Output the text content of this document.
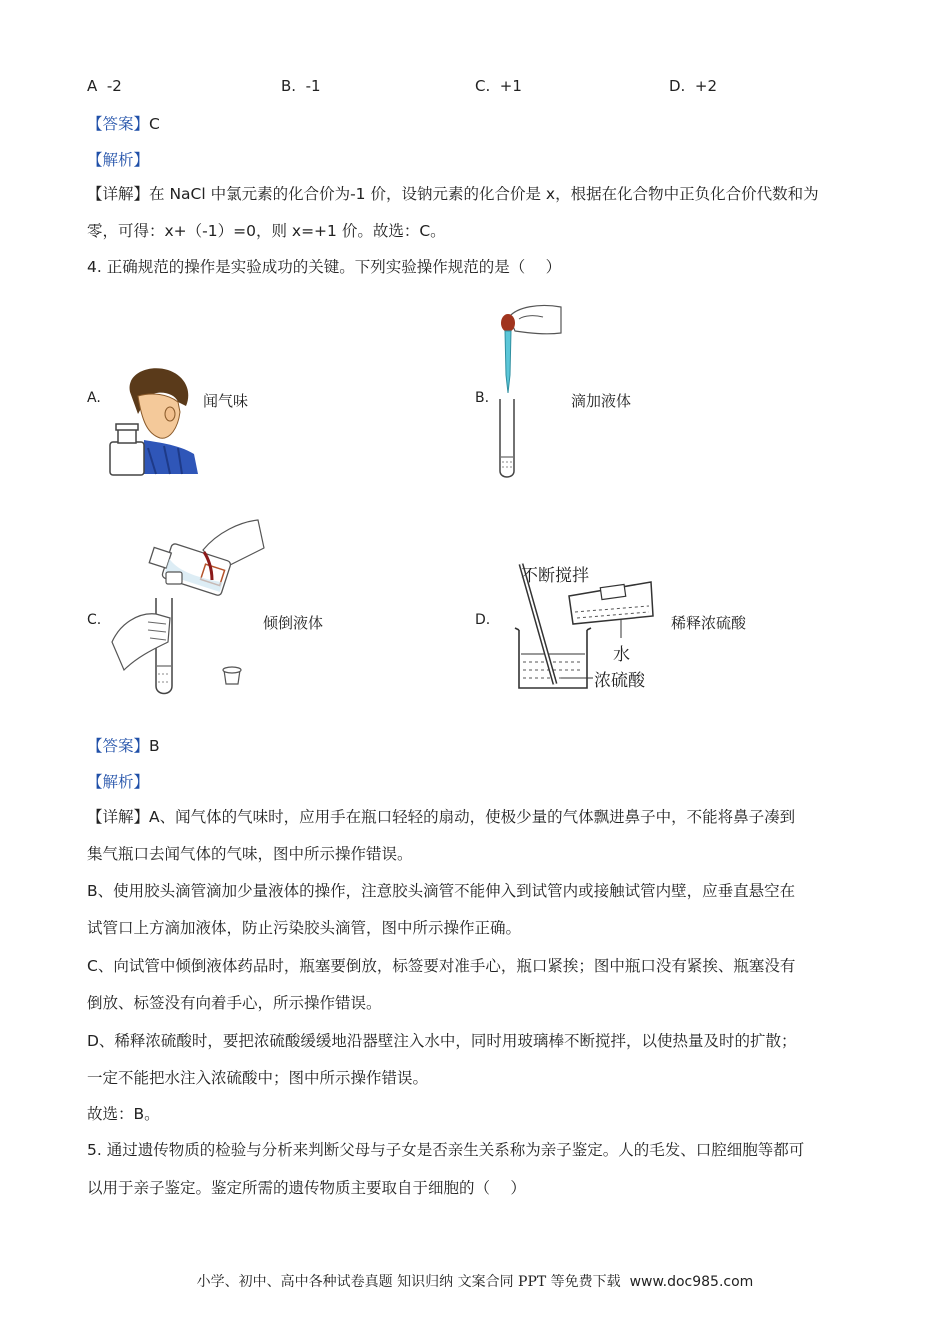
A -2	B. -1	C. +1	D. +2
【答案】C
【解析】
【详解】在 NaCl 中氯元素的化合价为-1 价，设钠元素的化合价是 x，根据在化合物中正负化合价代数和为
零，可得：x+（-1）=0，则 x=+1 价。故选：C。
4. 正确规范的操作是实验成功的关键。下列实验操作规范的是（　 ）
A.	闻气味	B.	滴加液体
C.	倾倒液体	D.
不断搅拌
水
浓硫酸
稀释浓硫酸
【答案】B
【解析】
【详解】A、闻气体的气味时，应用手在瓶口轻轻的扇动，使极少量的气体飘进鼻子中，不能将鼻子凑到
集气瓶口去闻气体的气味，图中所示操作错误。
B、使用胶头滴管滴加少量液体的操作，注意胶头滴管不能伸入到试管内或接触试管内壁，应垂直悬空在
试管口上方滴加液体，防止污染胶头滴管，图中所示操作正确。
C、向试管中倾倒液体药品时，瓶塞要倒放，标签要对准手心，瓶口紧挨；图中瓶口没有紧挨、瓶塞没有
倒放、标签没有向着手心，所示操作错误。
D、稀释浓硫酸时，要把浓硫酸缓缓地沿器壁注入水中，同时用玻璃棒不断搅拌，以使热量及时的扩散；
一定不能把水注入浓硫酸中；图中所示操作错误。
故选：B。
5. 通过遗传物质的检验与分析来判断父母与子女是否亲生关系称为亲子鉴定。人的毛发、口腔细胞等都可
以用于亲子鉴定。鉴定所需的遗传物质主要取自于细胞的（　 ）
小学、初中、高中各种试卷真题 知识归纳 文案合同 PPT 等免费下载 www.doc985.com
